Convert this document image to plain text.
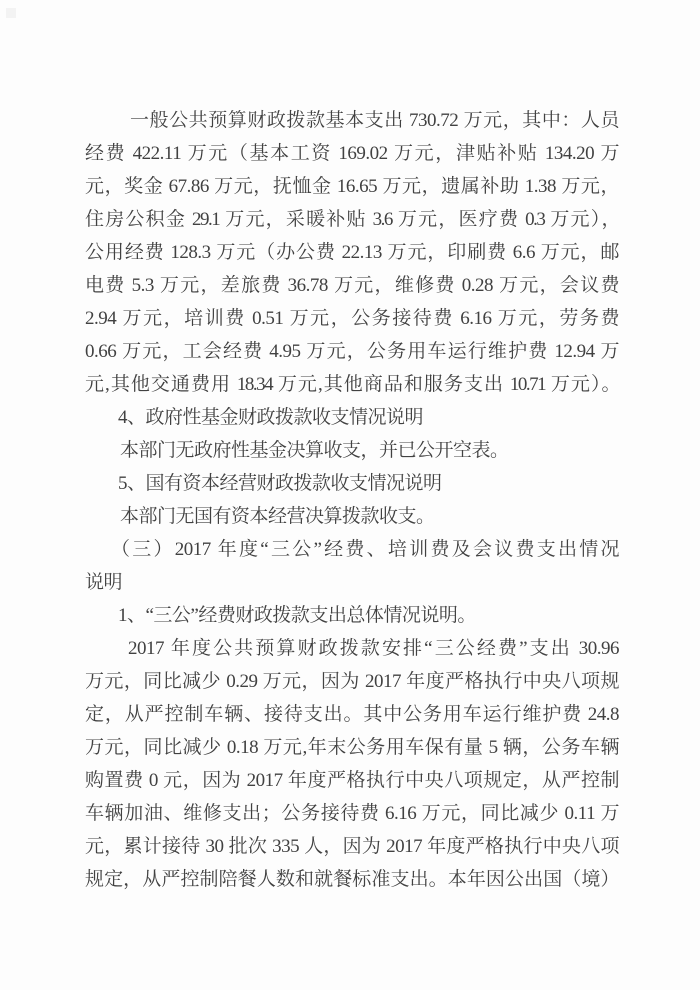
一般公共预算财政拨款基本支出 730.72 万元，其中：人员
经费 422.11 万元（基本工资 169.02 万元，津贴补贴 134.20 万
元，奖金 67.86 万元，抚恤金 16.65 万元，遗属补助 1.38 万元，
住房公积金 29.1 万元，采暖补贴 3.6 万元，医疗费 0.3 万元），
公用经费 128.3 万元（办公费 22.13 万元，印刷费 6.6 万元，邮
电费 5.3 万元，差旅费 36.78 万元，维修费 0.28 万元，会议费
2.94 万元，培训费 0.51 万元，公务接待费 6.16 万元，劳务费
0.66 万元，工会经费 4.95 万元，公务用车运行维护费 12.94 万
元,其他交通费用 18.34 万元,其他商品和服务支出 10.71 万元）。
4、政府性基金财政拨款收支情况说明
本部门无政府性基金决算收支，并已公开空表。
5、国有资本经营财政拨款收支情况说明
本部门无国有资本经营决算拨款收支。
（三）2017 年度“三公”经费、培训费及会议费支出情况
说明
1、“三公”经费财政拨款支出总体情况说明。
2017 年度公共预算财政拨款安排“三公经费”支出 30.96
万元，同比减少 0.29 万元，因为 2017 年度严格执行中央八项规
定，从严控制车辆、接待支出。其中公务用车运行维护费 24.8
万元，同比减少 0.18 万元,年末公务用车保有量 5 辆，公务车辆
购置费 0 元，因为 2017 年度严格执行中央八项规定，从严控制
车辆加油、维修支出；公务接待费 6.16 万元，同比减少 0.11 万
元，累计接待 30 批次 335 人，因为 2017 年度严格执行中央八项
规定，从严控制陪餐人数和就餐标准支出。本年因公出国（境）
